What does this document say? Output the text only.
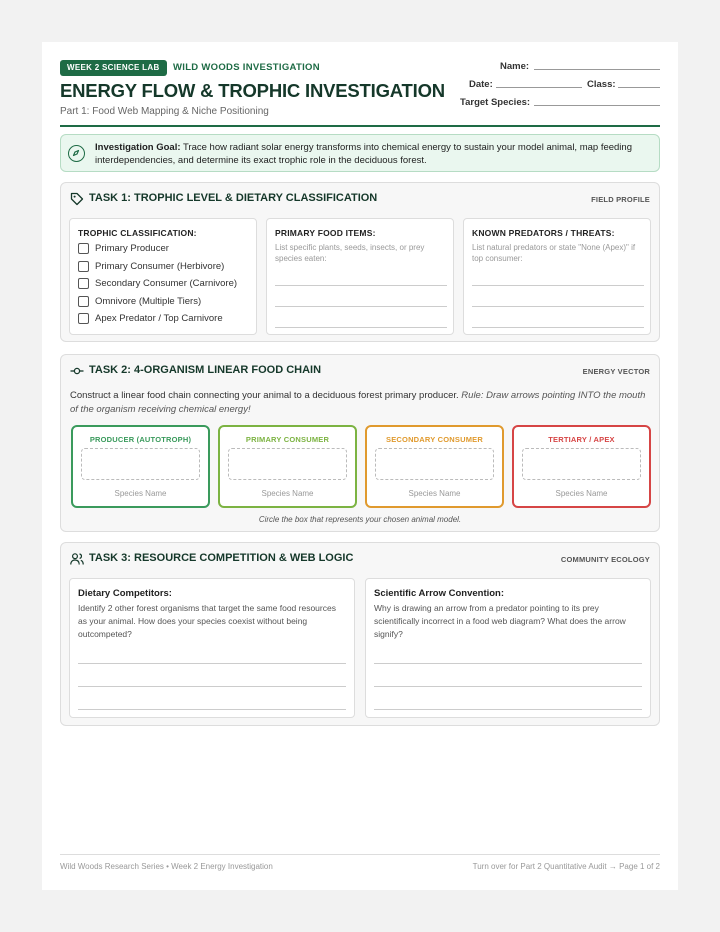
WEEK 2 SCIENCE LAB	WILD WOODS INVESTIGATION
ENERGY FLOW & TROPHIC INVESTIGATION
Part 1: Food Web Mapping & Niche Positioning
Name:
Date:	Class:
Target Species:
Investigation Goal: Trace how radiant solar energy transforms into chemical energy to sustain your model animal, map feeding interdependencies, and determine its exact trophic role in the deciduous forest.
TASK 1: TROPHIC LEVEL & DIETARY CLASSIFICATION	FIELD PROFILE
TROPHIC CLASSIFICATION:
Primary Producer
Primary Consumer (Herbivore)
Secondary Consumer (Carnivore)
Omnivore (Multiple Tiers)
Apex Predator / Top Carnivore
PRIMARY FOOD ITEMS:
List specific plants, seeds, insects, or prey species eaten:
KNOWN PREDATORS / THREATS:
List natural predators or state "None (Apex)" if top consumer:
TASK 2: 4-ORGANISM LINEAR FOOD CHAIN	ENERGY VECTOR
Construct a linear food chain connecting your animal to a deciduous forest primary producer. Rule: Draw arrows pointing INTO the mouth of the organism receiving chemical energy!
PRODUCER (AUTOTROPH)
Species Name
PRIMARY CONSUMER
Species Name
SECONDARY CONSUMER
Species Name
TERTIARY / APEX
Species Name
Circle the box that represents your chosen animal model.
TASK 3: RESOURCE COMPETITION & WEB LOGIC	COMMUNITY ECOLOGY
Dietary Competitors:
Identify 2 other forest organisms that target the same food resources as your animal. How does your species coexist without being outcompeted?
Scientific Arrow Convention:
Why is drawing an arrow from a predator pointing to its prey scientifically incorrect in a food web diagram? What does the arrow signify?
Wild Woods Research Series • Week 2 Energy Investigation	Turn over for Part 2 Quantitative Audit → Page 1 of 2
